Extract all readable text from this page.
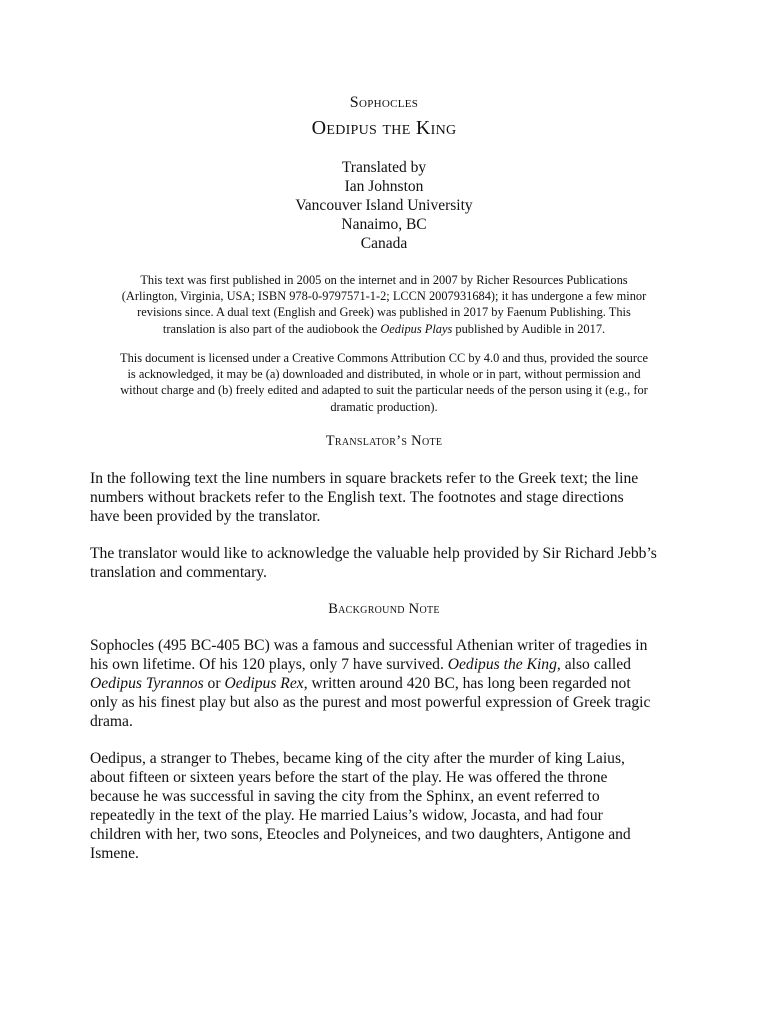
Sophocles
Oedipus the King
Translated by
Ian Johnston
Vancouver Island University
Nanaimo, BC
Canada
This text was first published in 2005 on the internet and in 2007 by Richer Resources Publications
(Arlington, Virginia, USA; ISBN 978-0-9797571-1-2; LCCN 2007931684); it has undergone a few minor
revisions since. A dual text (English and Greek) was published in 2017 by Faenum Publishing. This
translation is also part of the audiobook the Oedipus Plays published by Audible in 2017.
This document is licensed under a Creative Commons Attribution CC by 4.0 and thus, provided the source
is acknowledged, it may be (a) downloaded and distributed, in whole or in part, without permission and
without charge and (b) freely edited and adapted to suit the particular needs of the person using it (e.g., for
dramatic production).
Translator’s Note
In the following text the line numbers in square brackets refer to the Greek text; the line
numbers without brackets refer to the English text. The footnotes and stage directions
have been provided by the translator.
The translator would like to acknowledge the valuable help provided by Sir Richard Jebb’s
translation and commentary.
Background Note
Sophocles (495 BC-405 BC) was a famous and successful Athenian writer of tragedies in
his own lifetime. Of his 120 plays, only 7 have survived. Oedipus the King, also called
Oedipus Tyrannos or Oedipus Rex, written around 420 BC, has long been regarded not
only as his finest play but also as the purest and most powerful expression of Greek tragic
drama.
Oedipus, a stranger to Thebes, became king of the city after the murder of king Laius,
about fifteen or sixteen years before the start of the play. He was offered the throne
because he was successful in saving the city from the Sphinx, an event referred to
repeatedly in the text of the play. He married Laius’s widow, Jocasta, and had four
children with her, two sons, Eteocles and Polyneices, and two daughters, Antigone and
Ismene.
